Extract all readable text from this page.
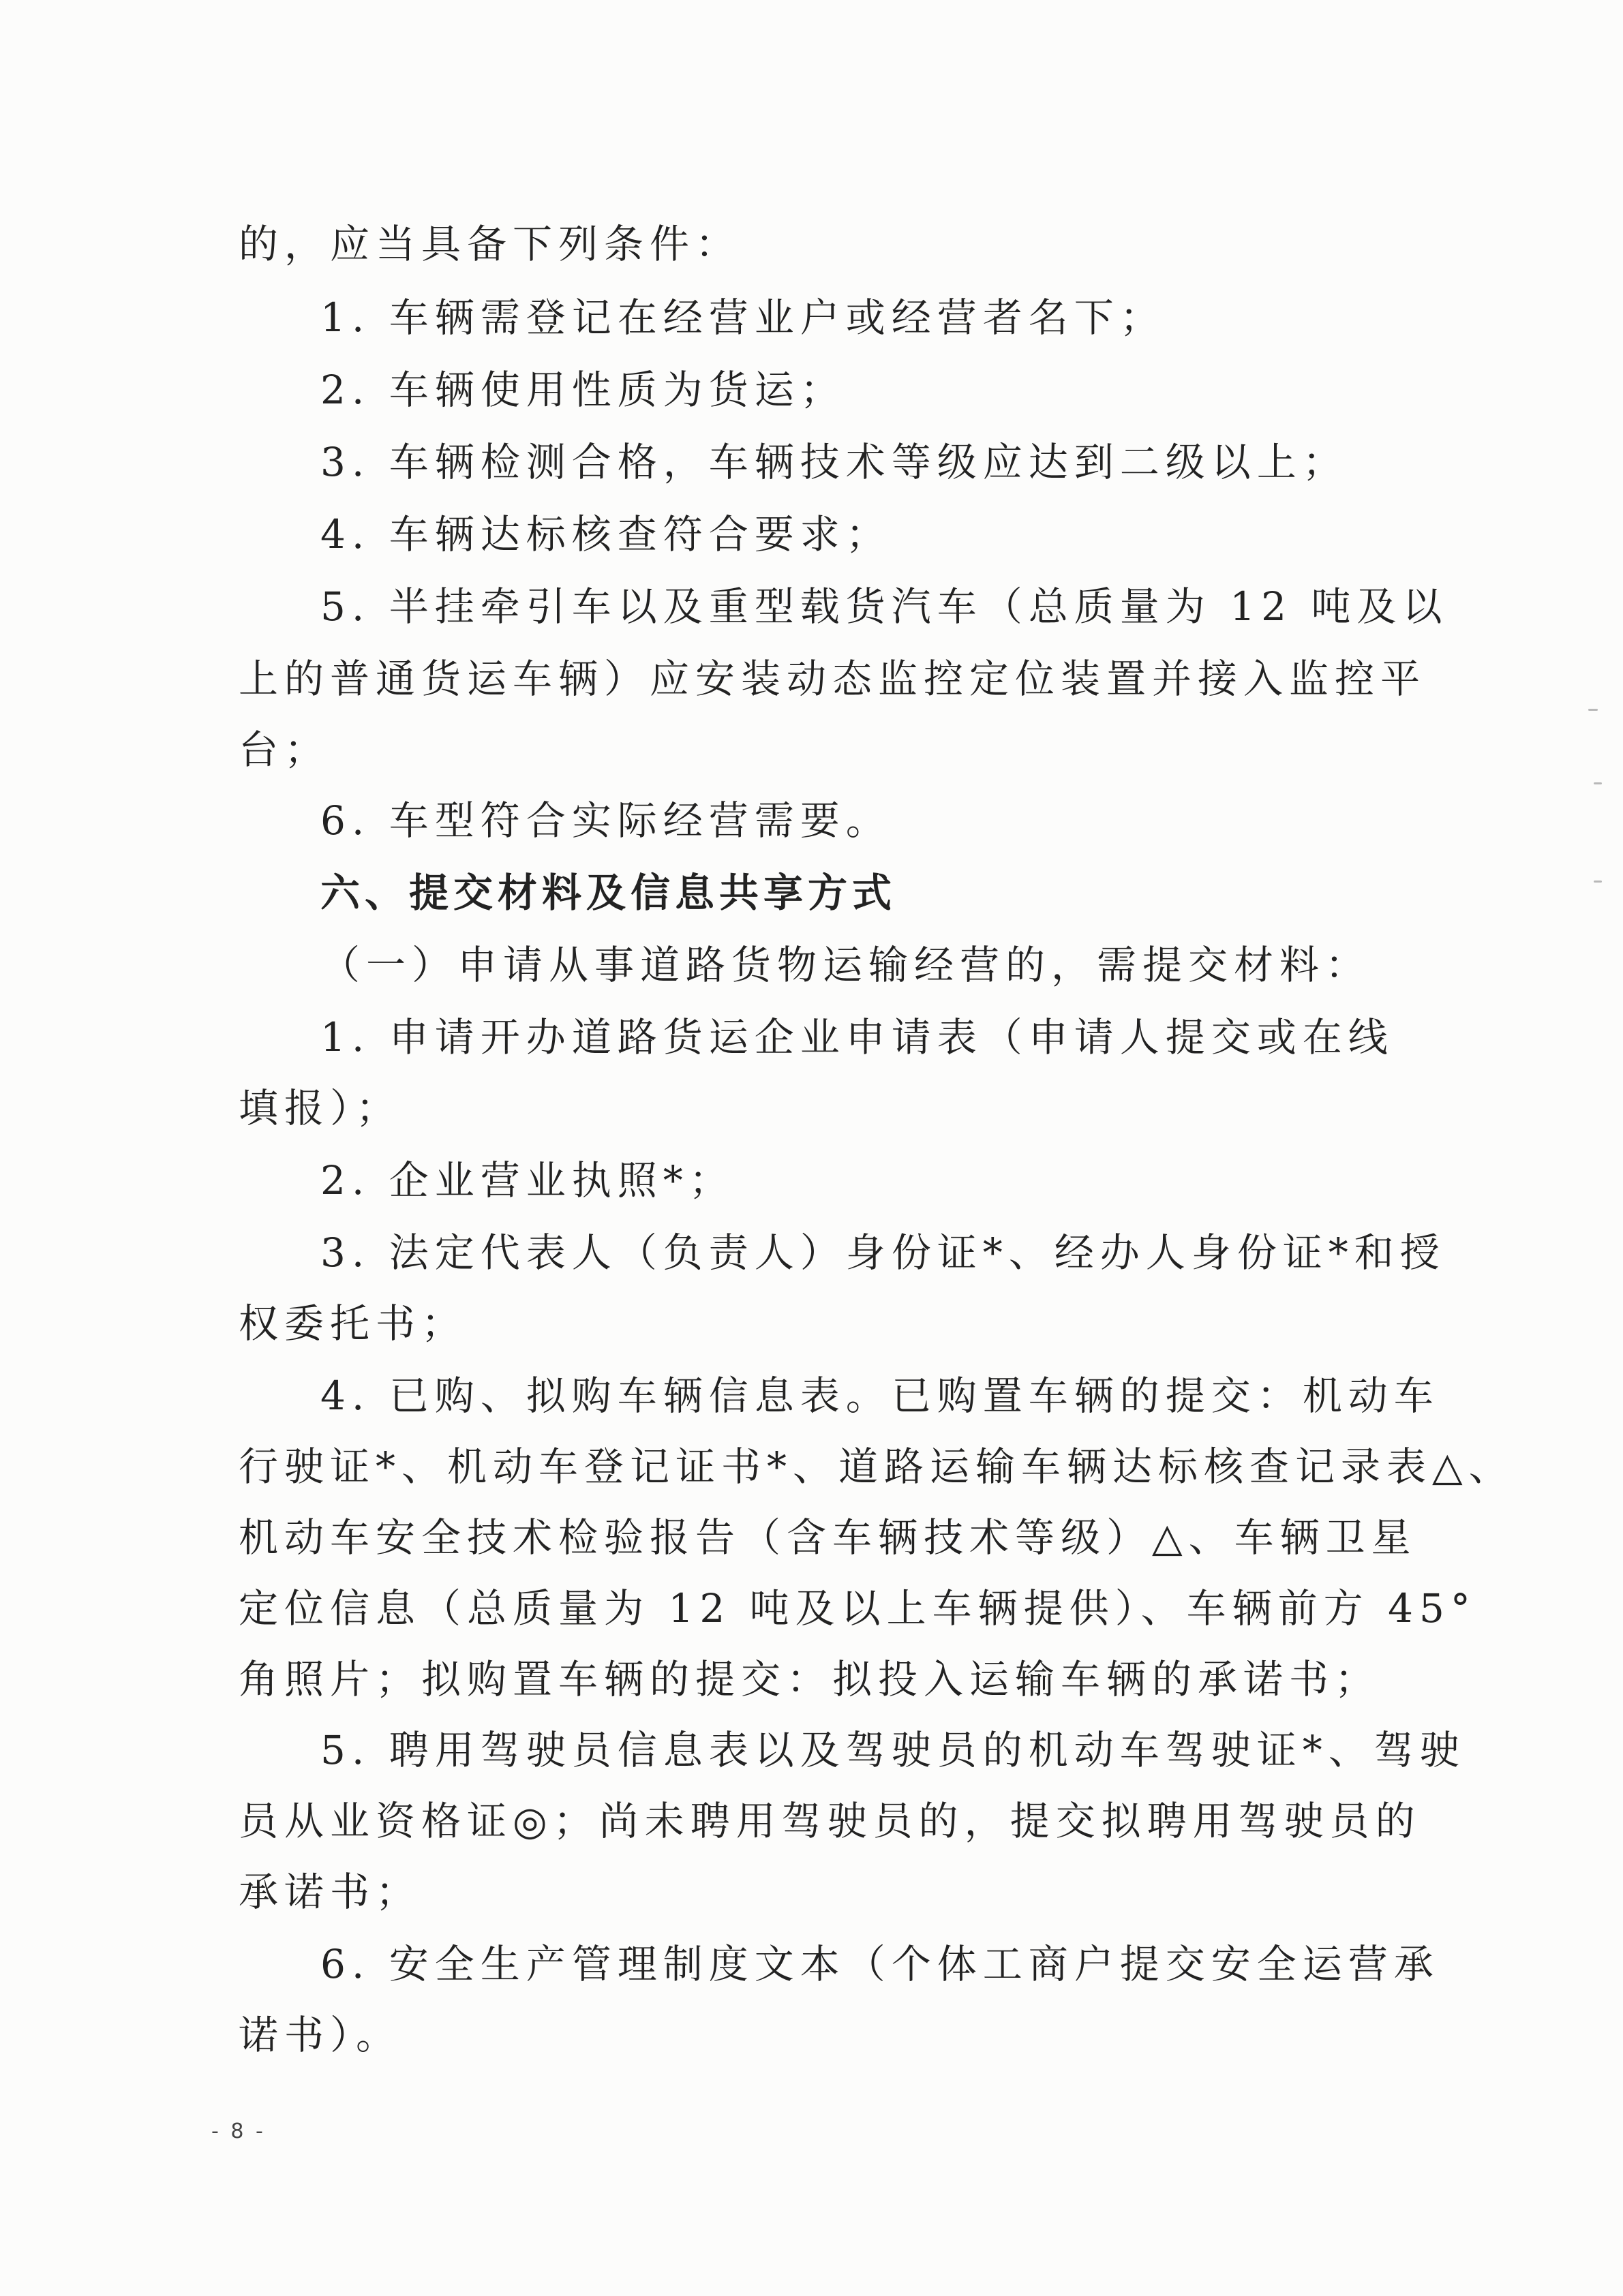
的，应当具备下列条件：
1. 车辆需登记在经营业户或经营者名下；
2. 车辆使用性质为货运；
3. 车辆检测合格，车辆技术等级应达到二级以上；
4. 车辆达标核查符合要求；
5. 半挂牵引车以及重型载货汽车（总质量为 12 吨及以
上的普通货运车辆）应安装动态监控定位装置并接入监控平
台；
6. 车型符合实际经营需要。
六、提交材料及信息共享方式
（一）申请从事道路货物运输经营的，需提交材料：
1. 申请开办道路货运企业申请表（申请人提交或在线
填报）；
2. 企业营业执照*；
3. 法定代表人（负责人）身份证*、经办人身份证*和授
权委托书；
4. 已购、拟购车辆信息表。已购置车辆的提交：机动车
行驶证*、机动车登记证书*、道路运输车辆达标核查记录表△、
机动车安全技术检验报告（含车辆技术等级）△、车辆卫星
定位信息（总质量为 12 吨及以上车辆提供）、车辆前方 45°
角照片；拟购置车辆的提交：拟投入运输车辆的承诺书；
5. 聘用驾驶员信息表以及驾驶员的机动车驾驶证*、驾驶
员从业资格证◎；尚未聘用驾驶员的，提交拟聘用驾驶员的
承诺书；
6. 安全生产管理制度文本（个体工商户提交安全运营承
诺书）。
- 8 -
